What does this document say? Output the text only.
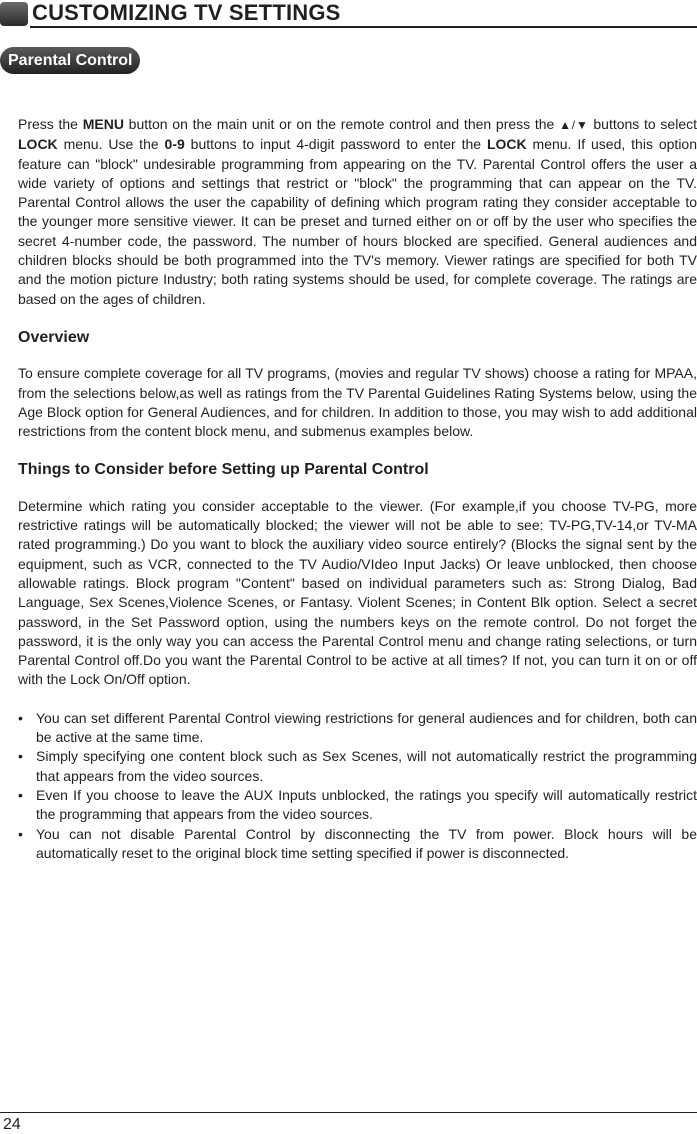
CUSTOMIZING TV SETTINGS
Parental Control

Press the MENU button on the main unit or on the remote control and then press the ▲/▼ buttons to select LOCK menu. Use the 0-9 buttons to input 4-digit password to enter the LOCK menu. If used, this option feature can "block" undesirable programming from appearing on the TV. Parental Control offers the user a wide variety of options and settings that restrict or "block" the programming that can appear on the TV. Parental Control allows the user the capability of defining which program rating they consider acceptable to the younger more sensitive viewer. It can be preset and turned either on or off by the user who specifies the secret 4-number code, the password. The number of hours blocked are specified. General audiences and children blocks should be both programmed into the TV's memory. Viewer ratings are specified for both TV and the motion picture Industry; both rating systems should be used, for complete coverage. The ratings are based on the ages of children.

Overview

To ensure complete coverage for all TV programs, (movies and regular TV shows) choose a rating for MPAA, from the selections below,as well as ratings from the TV Parental Guidelines Rating Systems below, using the Age Block option for General Audiences, and for children. In addition to those, you may wish to add additional restrictions from the content block menu, and submenus examples below.

Things to Consider before Setting up Parental Control

Determine which rating you consider acceptable to the viewer. (For example,if you choose TV-PG, more restrictive ratings will be automatically blocked; the viewer will not be able to see: TV-PG,TV-14,or TV-MA rated programming.) Do you want to block the auxiliary video source entirely? (Blocks the signal sent by the equipment, such as VCR, connected to the TV Audio/VIdeo Input Jacks) Or leave unblocked, then choose allowable ratings. Block program "Content" based on individual parameters such as: Strong Dialog, Bad Language, Sex Scenes,Violence Scenes, or Fantasy. Violent Scenes; in Content Blk option. Select a secret password, in the Set Password option, using the numbers keys on the remote control. Do not forget the password, it is the only way you can access the Parental Control menu and change rating selections, or turn Parental Control off.Do you want the Parental Control to be active at all times? If not, you can turn it on or off with the Lock On/Off option.

• You can set different Parental Control viewing restrictions for general audiences and for children, both can be active at the same time.
• Simply specifying one content block such as Sex Scenes, will not automatically restrict the programming that appears from the video sources.
• Even If you choose to leave the AUX Inputs unblocked, the ratings you specify will automatically restrict the programming that appears from the video sources.
• You can not disable Parental Control by disconnecting the TV from power. Block hours will be automatically reset to the original block time setting specified if power is disconnected.
24
